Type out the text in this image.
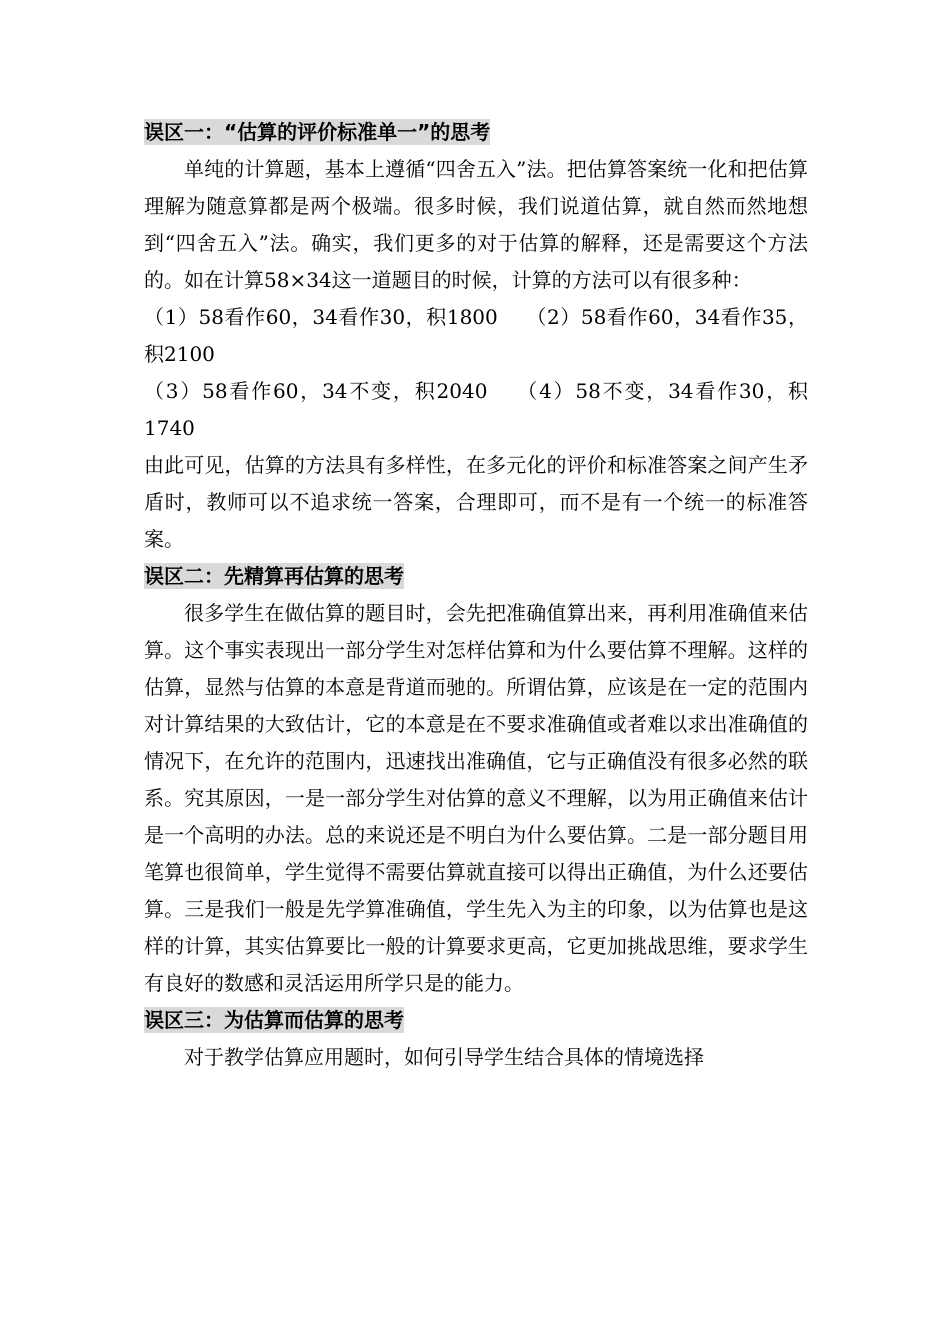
误区一：“估算的评价标准单一”的思考

单纯的计算题，基本上遵循“四舍五入”法。把估算答案统一化和把估算理解为随意算都是两个极端。很多时候，我们说道估算，就自然而然地想到“四舍五入”法。确实，我们更多的对于估算的解释，还是需要这个方法的。如在计算58×34这一道题目的时候，计算的方法可以有很多种：

（1）58看作60，34看作30，积1800 （2）58看作60，34看作35，积2100

（3）58看作60，34不变，积2040 （4）58不变，34看作30，积1740

由此可见，估算的方法具有多样性，在多元化的评价和标准答案之间产生矛盾时，教师可以不追求统一答案，合理即可，而不是有一个统一的标准答案。

误区二：先精算再估算的思考

很多学生在做估算的题目时，会先把准确值算出来，再利用准确值来估算。这个事实表现出一部分学生对怎样估算和为什么要估算不理解。这样的估算，显然与估算的本意是背道而驰的。所谓估算，应该是在一定的范围内对计算结果的大致估计，它的本意是在不要求准确值或者难以求出准确值的情况下，在允许的范围内，迅速找出准确值，它与正确值没有很多必然的联系。究其原因，一是一部分学生对估算的意义不理解，以为用正确值来估计是一个高明的办法。总的来说还是不明白为什么要估算。二是一部分题目用笔算也很简单，学生觉得不需要估算就直接可以得出正确值，为什么还要估算。三是我们一般是先学算准确值，学生先入为主的印象，以为估算也是这样的计算，其实估算要比一般的计算要求更高，它更加挑战思维，要求学生有良好的数感和灵活运用所学只是的能力。

误区三：为估算而估算的思考

对于教学估算应用题时，如何引导学生结合具体的情境选择
